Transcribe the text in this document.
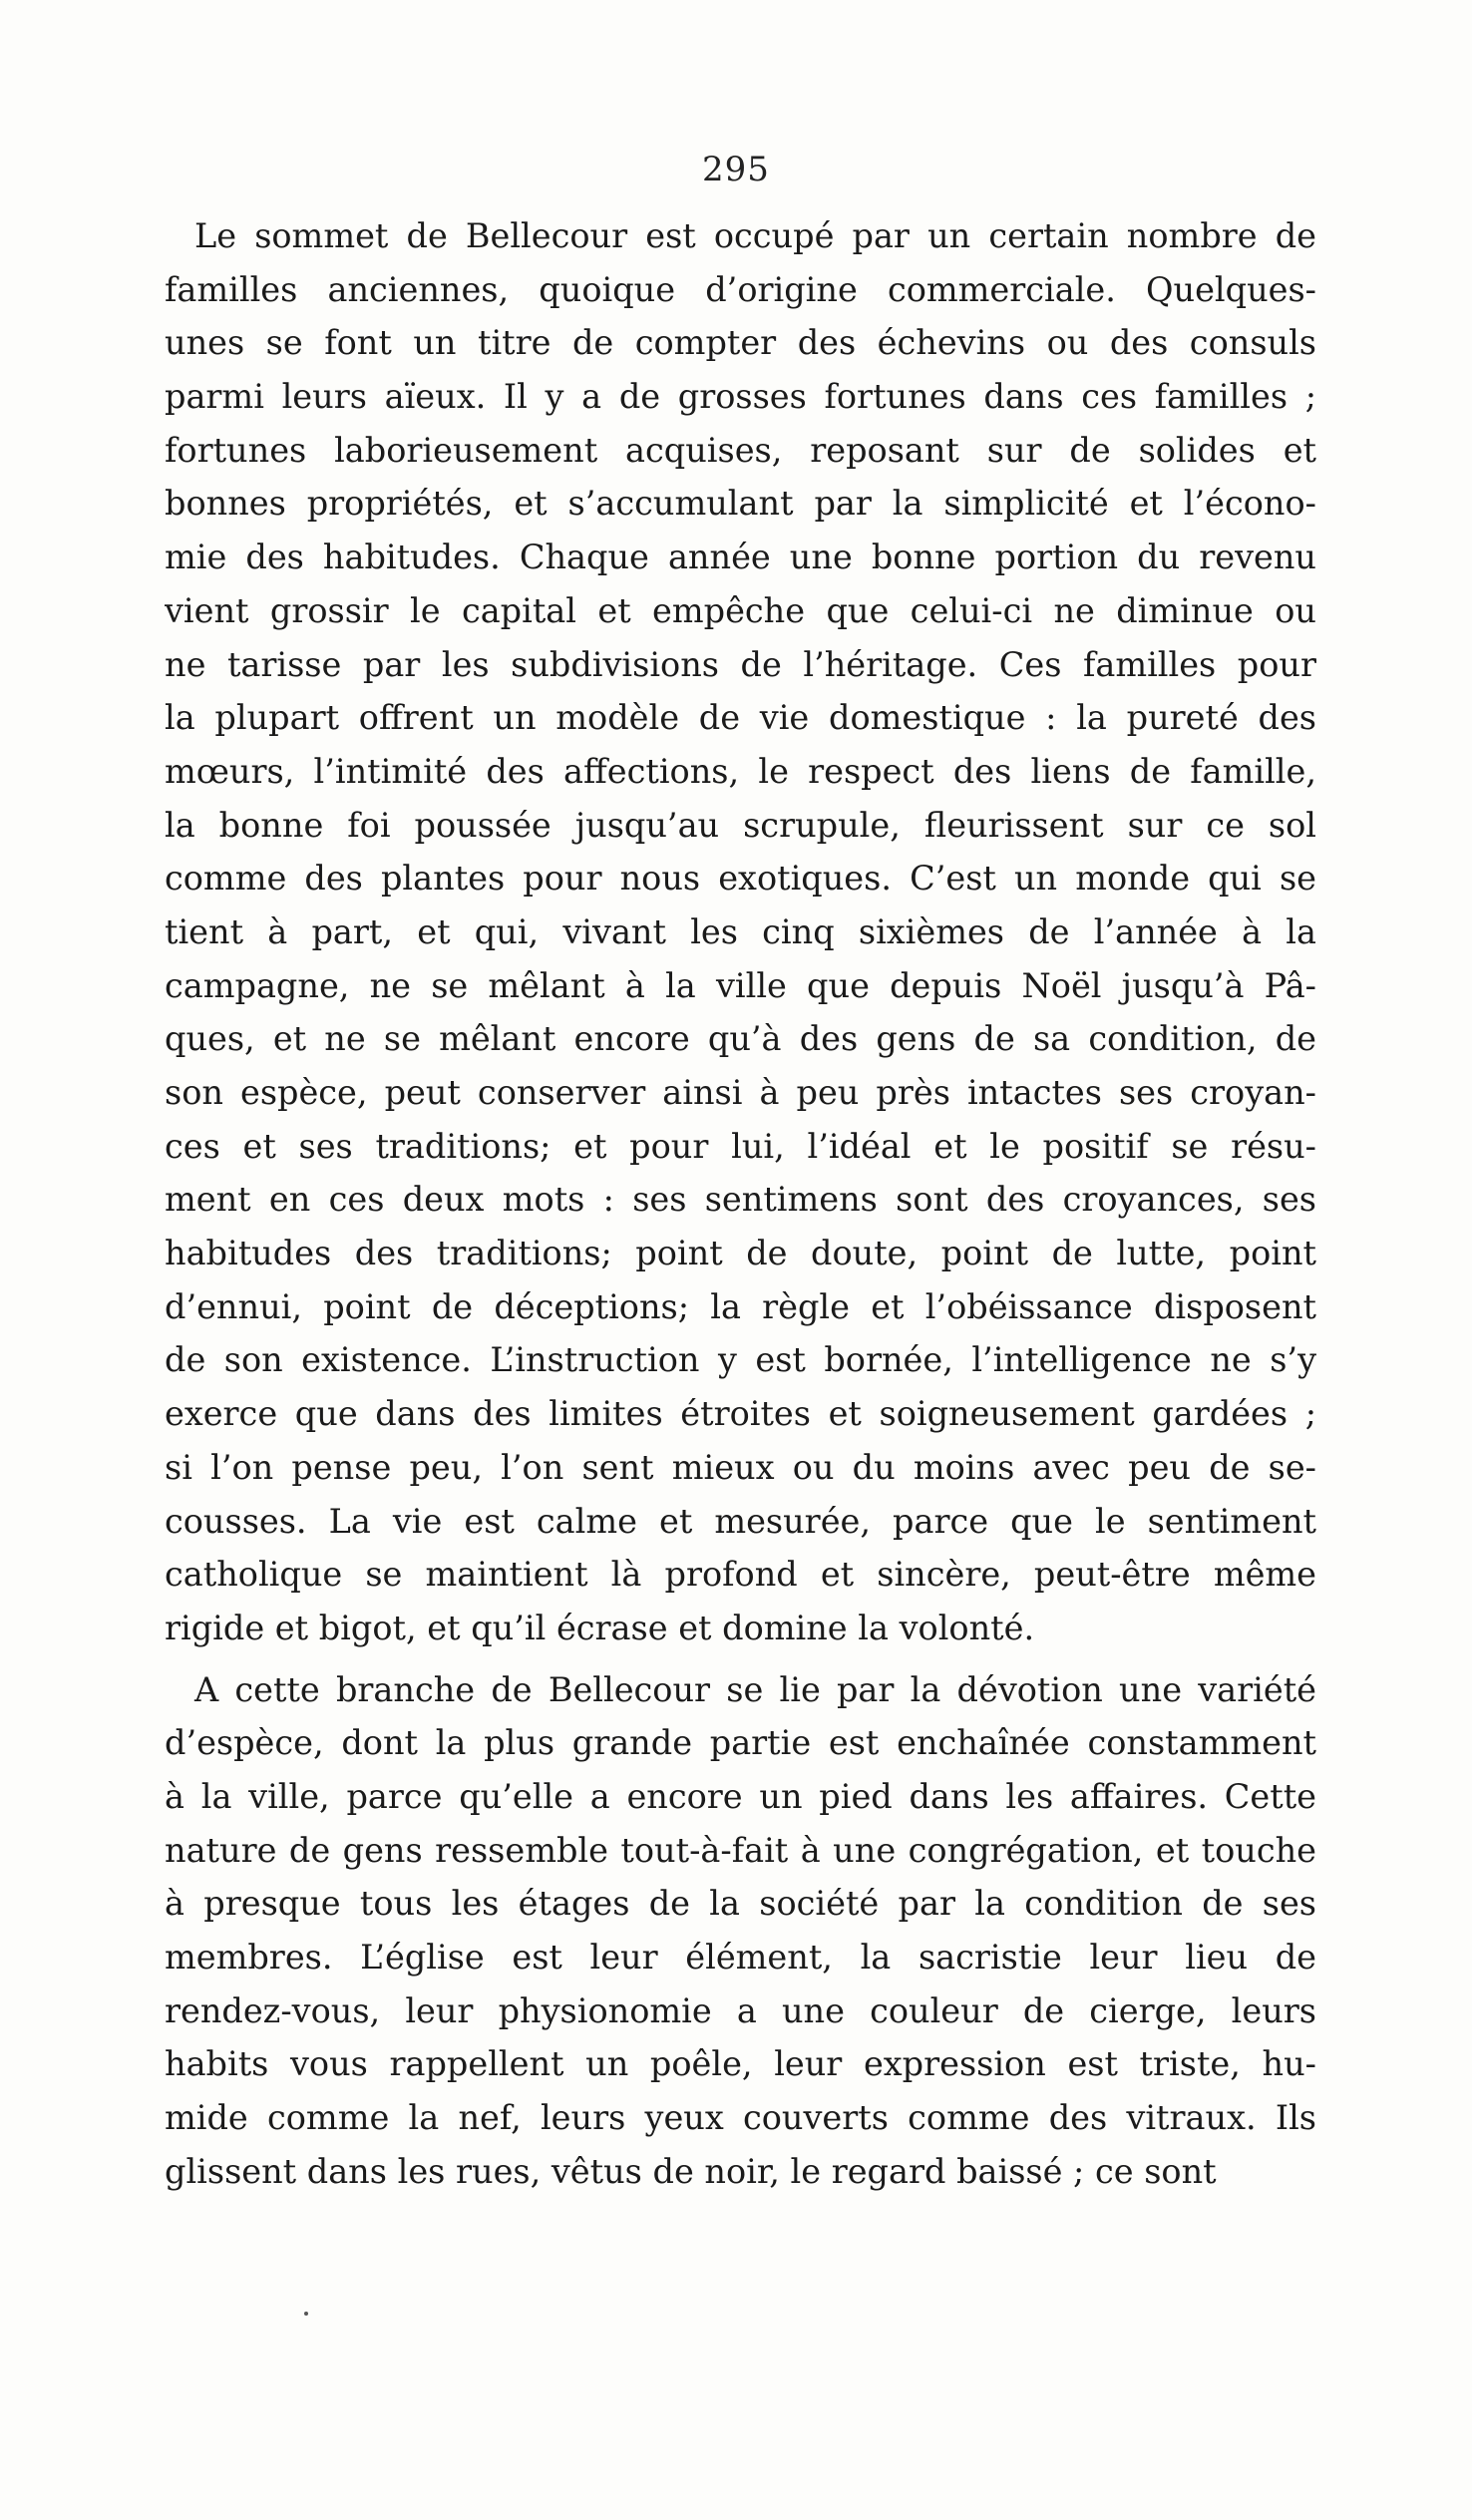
295
Le sommet de Bellecour est occupé par un certain nombre de
familles anciennes, quoique d’origine commerciale. Quelques-
unes se font un titre de compter des échevins ou des consuls
parmi leurs aïeux. Il y a de grosses fortunes dans ces familles ;
fortunes laborieusement acquises, reposant sur de solides et
bonnes propriétés, et s’accumulant par la simplicité et l’écono-
mie des habitudes. Chaque année une bonne portion du revenu
vient grossir le capital et empêche que celui-ci ne diminue ou
ne tarisse par les subdivisions de l’héritage. Ces familles pour
la plupart offrent un modèle de vie domestique : la pureté des
mœurs, l’intimité des affections, le respect des liens de famille,
la bonne foi poussée jusqu’au scrupule, fleurissent sur ce sol
comme des plantes pour nous exotiques. C’est un monde qui se
tient à part, et qui, vivant les cinq sixièmes de l’année à la
campagne, ne se mêlant à la ville que depuis Noël jusqu’à Pâ-
ques, et ne se mêlant encore qu’à des gens de sa condition, de
son espèce, peut conserver ainsi à peu près intactes ses croyan-
ces et ses traditions; et pour lui, l’idéal et le positif se résu-
ment en ces deux mots : ses sentimens sont des croyances, ses
habitudes des traditions; point de doute, point de lutte, point
d’ennui, point de déceptions; la règle et l’obéissance disposent
de son existence. L’instruction y est bornée, l’intelligence ne s’y
exerce que dans des limites étroites et soigneusement gardées ;
si l’on pense peu, l’on sent mieux ou du moins avec peu de se-
cousses. La vie est calme et mesurée, parce que le sentiment
catholique se maintient là profond et sincère, peut-être même
rigide et bigot, et qu’il écrase et domine la volonté.
A cette branche de Bellecour se lie par la dévotion une variété
d’espèce, dont la plus grande partie est enchaînée constamment
à la ville, parce qu’elle a encore un pied dans les affaires. Cette
nature de gens ressemble tout-à-fait à une congrégation, et touche
à presque tous les étages de la société par la condition de ses
membres. L’église est leur élément, la sacristie leur lieu de
rendez-vous, leur physionomie a une couleur de cierge, leurs
habits vous rappellent un poêle, leur expression est triste, hu-
mide comme la nef, leurs yeux couverts comme des vitraux. Ils
glissent dans les rues, vêtus de noir, le regard baissé ; ce sont
